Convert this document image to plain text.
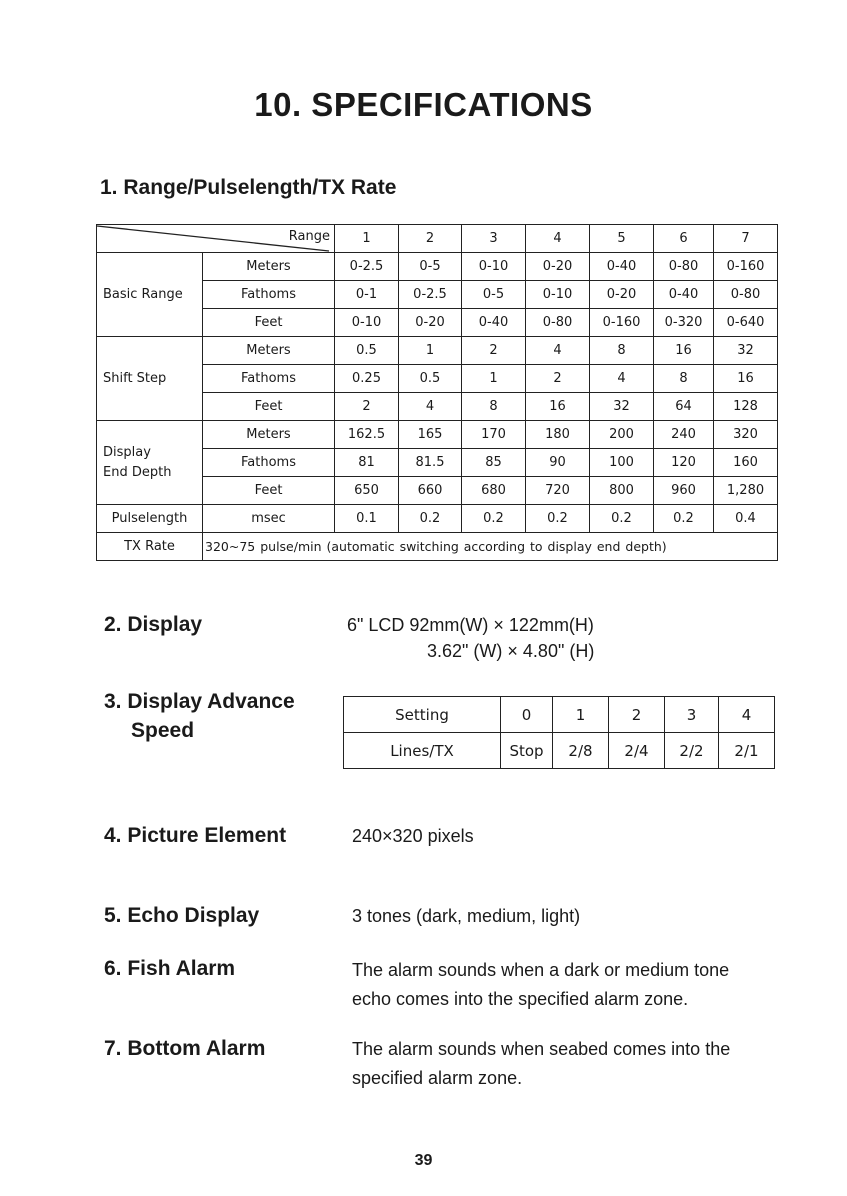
10. SPECIFICATIONS
1. Range/Pulselength/TX Rate
Range		1	2	3	4	5	6	7
Basic Range	Meters	0-2.5	0-5	0-10	0-20	0-40	0-80	0-160
	Fathoms	0-1	0-2.5	0-5	0-10	0-20	0-40	0-80
	Feet	0-10	0-20	0-40	0-80	0-160	0-320	0-640
Shift Step	Meters	0.5	1	2	4	8	16	32
	Fathoms	0.25	0.5	1	2	4	8	16
	Feet	2	4	8	16	32	64	128

Display
End Depth	Meters	162.5	165	170	180	200	240	320
	Fathoms	81	81.5	85	90	100	120	160
	Feet	650	660	680	720	800	960	1,280
Pulselength	msec	0.1	0.2	0.2	0.2	0.2	0.2	0.4
TX Rate	320~75 pulse/min (automatic switching according to display end depth)							
2. Display	6" LCD 92mm(W) × 122mm(H)
3.62" (W) × 4.80" (H)
3. Display Advance
Speed
Setting	0	1	2	3	4
Lines/TX	Stop	2/8	2/4	2/2	2/1
4. Picture Element	240×320 pixels
5. Echo Display	3 tones (dark, medium, light)
6. Fish Alarm	The alarm sounds when a dark or medium tone
echo comes into the specified alarm zone.
7. Bottom Alarm	The alarm sounds when seabed comes into the
specified alarm zone.
39
